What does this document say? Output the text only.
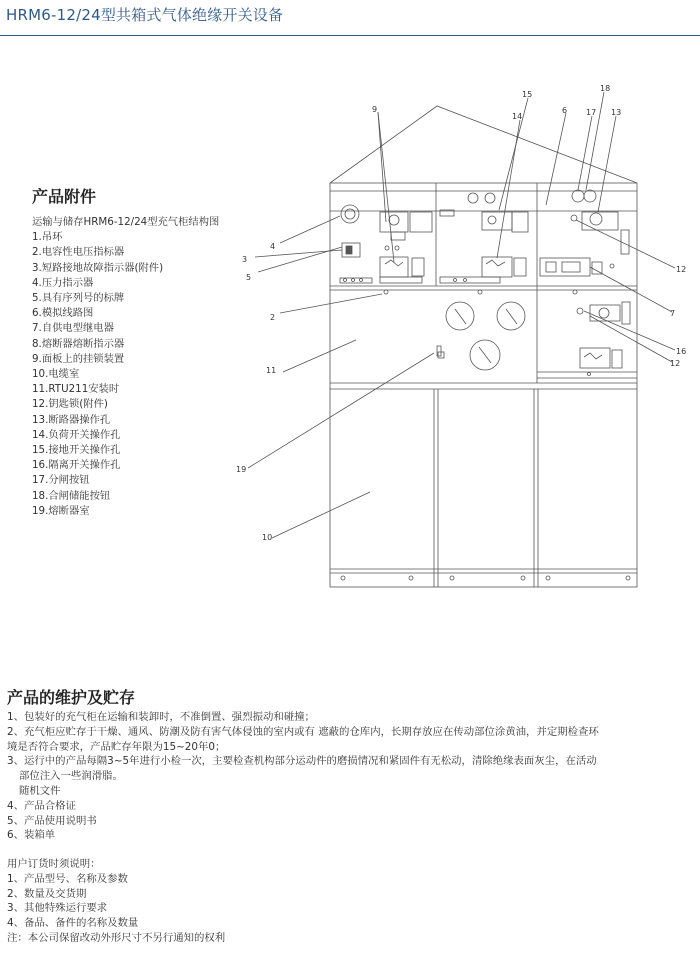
HRM6-12/24型共箱式气体绝缘开关设备
产品附件
运输与储存HRM6-12/24型充气柜结构图
1.吊环
2.电容性电压指标器
3.短路接地故障指示器(附件)
4.压力指示器
5.具有序列号的标牌
6.模拟线路图
7.自供电型继电器
8.熔断器熔断指示器
9.面板上的挂锁装置
10.电缆室
11.RTU211安装时
12.钥匙锁(附件)
13.断路器操作孔
14.负荷开关操作孔
15.接地开关操作孔
16.隔离开关操作孔
17.分闸按钮
18.合闸储能按钮
19.熔断器室
4
5
3
2
11
19
10
9
15
14
6
18
17 13
12
7
16
12
产品的维护及贮存

1、包装好的充气柜在运输和装卸时，不准倒置、强烈振动和碰撞；

2、充气柜应贮存于干燥、通风、防潮及防有害气体侵蚀的室内或有 遮蔽的仓库内，长期存放应在传动部位涂黄油，并定期检查环

境是否符合要求，产品贮存年限为15~20年0；

3、运行中的产品每隔3~5年进行小检一次，主要检查机构部分运动件的磨损情况和紧固件有无松动，清除绝缘表面灰尘，在活动

部位注入一些润滑脂。

随机文件

4、产品合格证

5、产品使用说明书

6、装箱单

用户订货时须说明：

1、产品型号、名称及参数

2、数量及交货期

3、其他特殊运行要求

4、备品、备件的名称及数量

注：本公司保留改动外形尺寸不另行通知的权利
